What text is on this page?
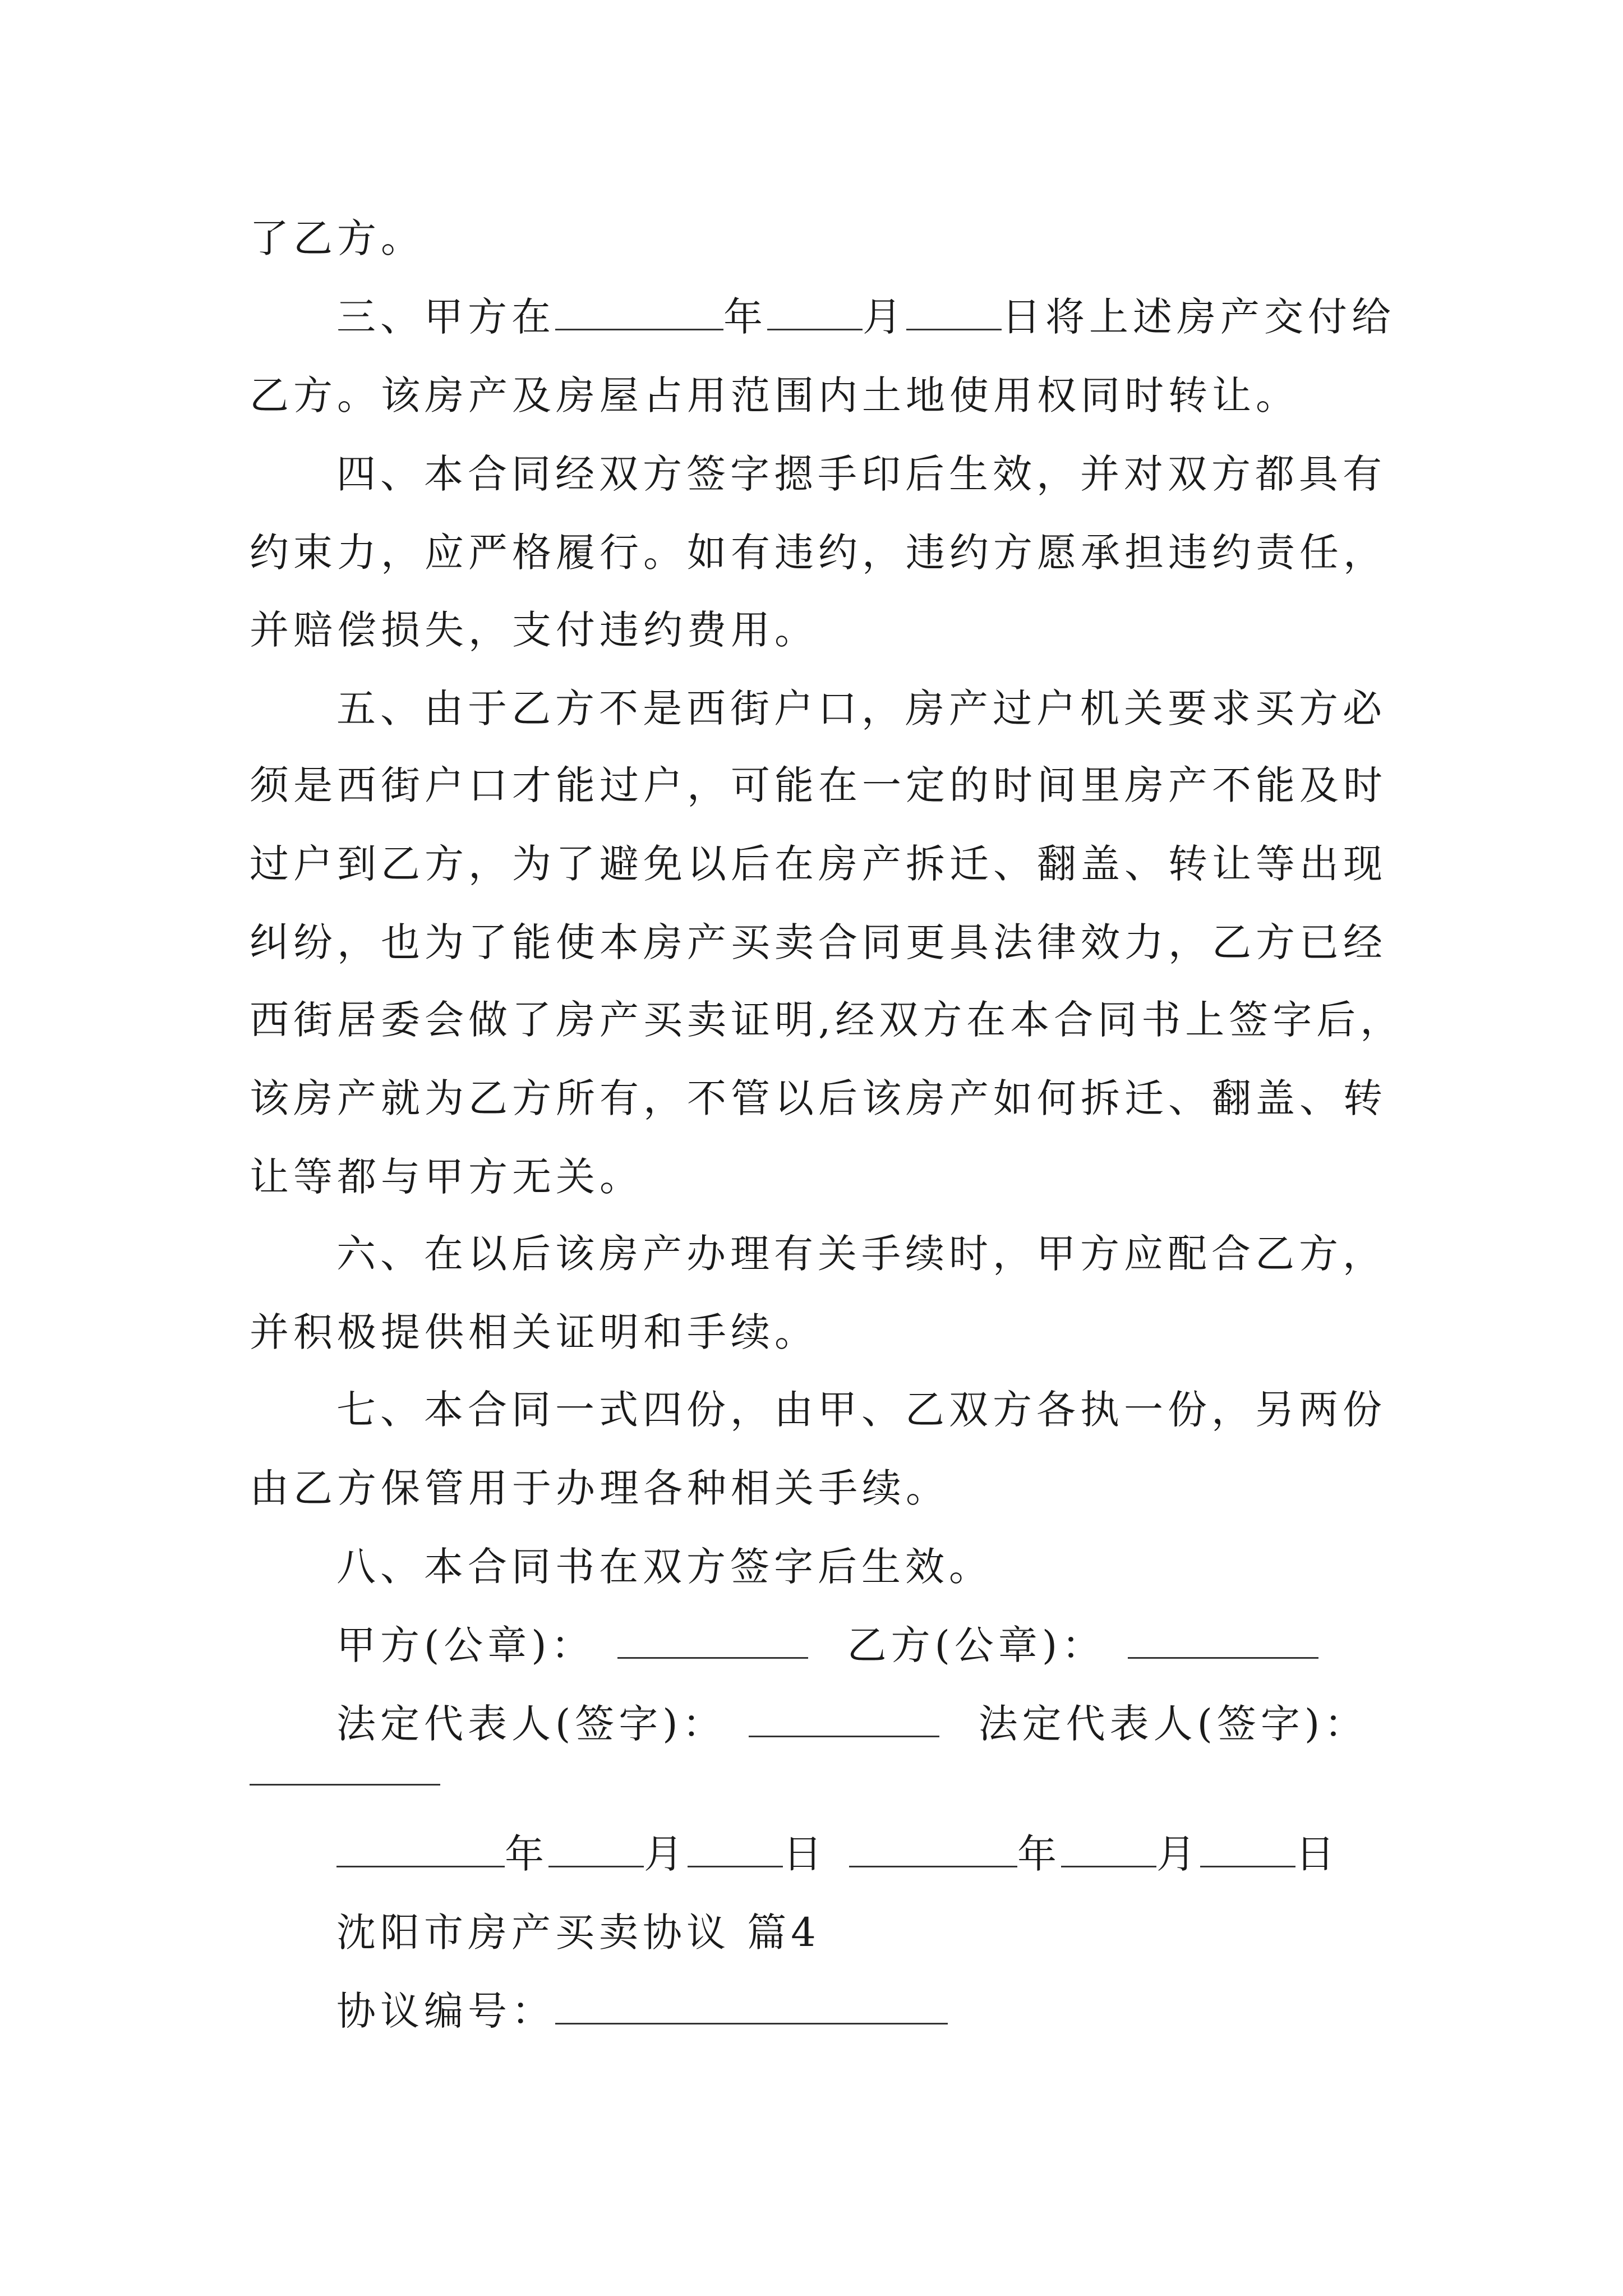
了乙方。
三、甲方在	年 月 日将上述房产交付给
乙方。该房产及房屋占用范围内土地使用权同时转让。
四、本合同经双方签字摁手印后生效，并对双方都具有
约束力，应严格履行。如有违约，违约方愿承担违约责任，
并赔偿损失，支付违约费用。
五、由于乙方不是西街户口，房产过户机关要求买方必
须是西街户口才能过户，可能在一定的时间里房产不能及时
过户到乙方，为了避免以后在房产拆迁、翻盖、转让等出现
纠纷，也为了能使本房产买卖合同更具法律效力，乙方已经
西街居委会做了房产买卖证明,经双方在本合同书上签字后，
该房产就为乙方所有，不管以后该房产如何拆迁、翻盖、转
让等都与甲方无关。
六、在以后该房产办理有关手续时，甲方应配合乙方，
并积极提供相关证明和手续。
七、本合同一式四份，由甲、乙双方各执一份，另两份
由乙方保管用于办理各种相关手续。
八、本合同书在双方签字后生效。
甲方(公章)：	乙方(公章)：
法定代表人(签字)：	法定代表人(签字)：
年 月 日	年 月 日
沈阳市房产买卖协议 篇4
协议编号：
